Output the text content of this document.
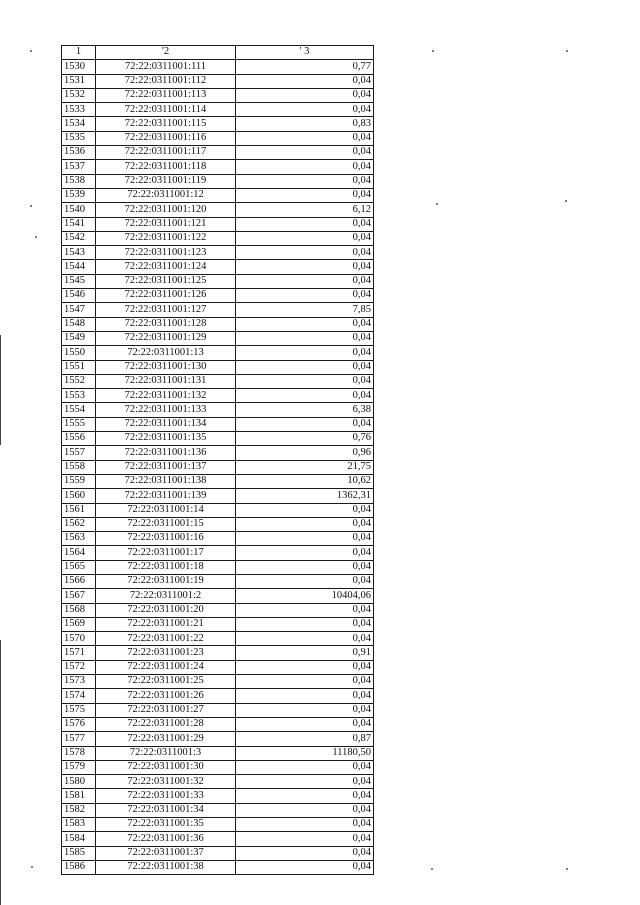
1	'2	' 3
1530	72:22:0311001:111	0,77
1531	72:22:0311001:112	0,04
1532	72:22:0311001:113	0,04
1533	72:22:0311001:114	0,04
1534	72:22:0311001:115	0,83
1535	72:22:0311001:116	0,04
1536	72:22:0311001:117	0,04
1537	72:22:0311001:118	0,04
1538	72:22:0311001:119	0,04
1539	72:22:0311001:12	0,04
1540	72:22:0311001:120	6,12
1541	72:22:0311001:121	0,04
1542	72:22:0311001:122	0,04
1543	72:22:0311001:123	0,04
1544	72:22:0311001:124	0,04
1545	72:22:0311001:125	0,04
1546	72:22:0311001:126	0,04
1547	72:22:0311001:127	7,85
1548	72:22:0311001:128	0,04
1549	72:22:0311001:129	0,04
1550	72:22:0311001:13	0,04
1551	72:22:0311001:130	0,04
1552	72:22:0311001:131	0,04
1553	72:22:0311001:132	0,04
1554	72:22:0311001:133	6,38
1555	72:22:0311001:134	0,04
1556	72:22:0311001:135	0,76
1557	72:22:0311001:136	0,96
1558	72:22:0311001:137	21,75
1559	72:22:0311001:138	10,62
1560	72:22:0311001:139	1362,31
1561	72:22:0311001:14	0,04
1562	72:22:0311001:15	0,04
1563	72:22:0311001:16	0,04
1564	72:22:0311001:17	0,04
1565	72:22:0311001:18	0,04
1566	72:22:0311001:19	0,04
1567	72:22:0311001:2	10404,06
1568	72:22:0311001:20	0,04
1569	72:22:0311001:21	0,04
1570	72:22:0311001:22	0,04
1571	72:22:0311001:23	0,91
1572	72:22:0311001:24	0,04
1573	72:22:0311001:25	0,04
1574	72:22:0311001:26	0,04
1575	72:22:0311001:27	0,04
1576	72:22:0311001:28	0,04
1577	72:22:0311001:29	0,87
1578	72:22:0311001:3	11180,50
1579	72:22:0311001:30	0,04
1580	72:22:0311001:32	0,04
1581	72:22:0311001:33	0,04
1582	72:22:0311001:34	0,04
1583	72:22:0311001:35	0,04
1584	72:22:0311001:36	0,04
1585	72:22:0311001:37	0,04
1586	72:22:0311001:38	0,04
